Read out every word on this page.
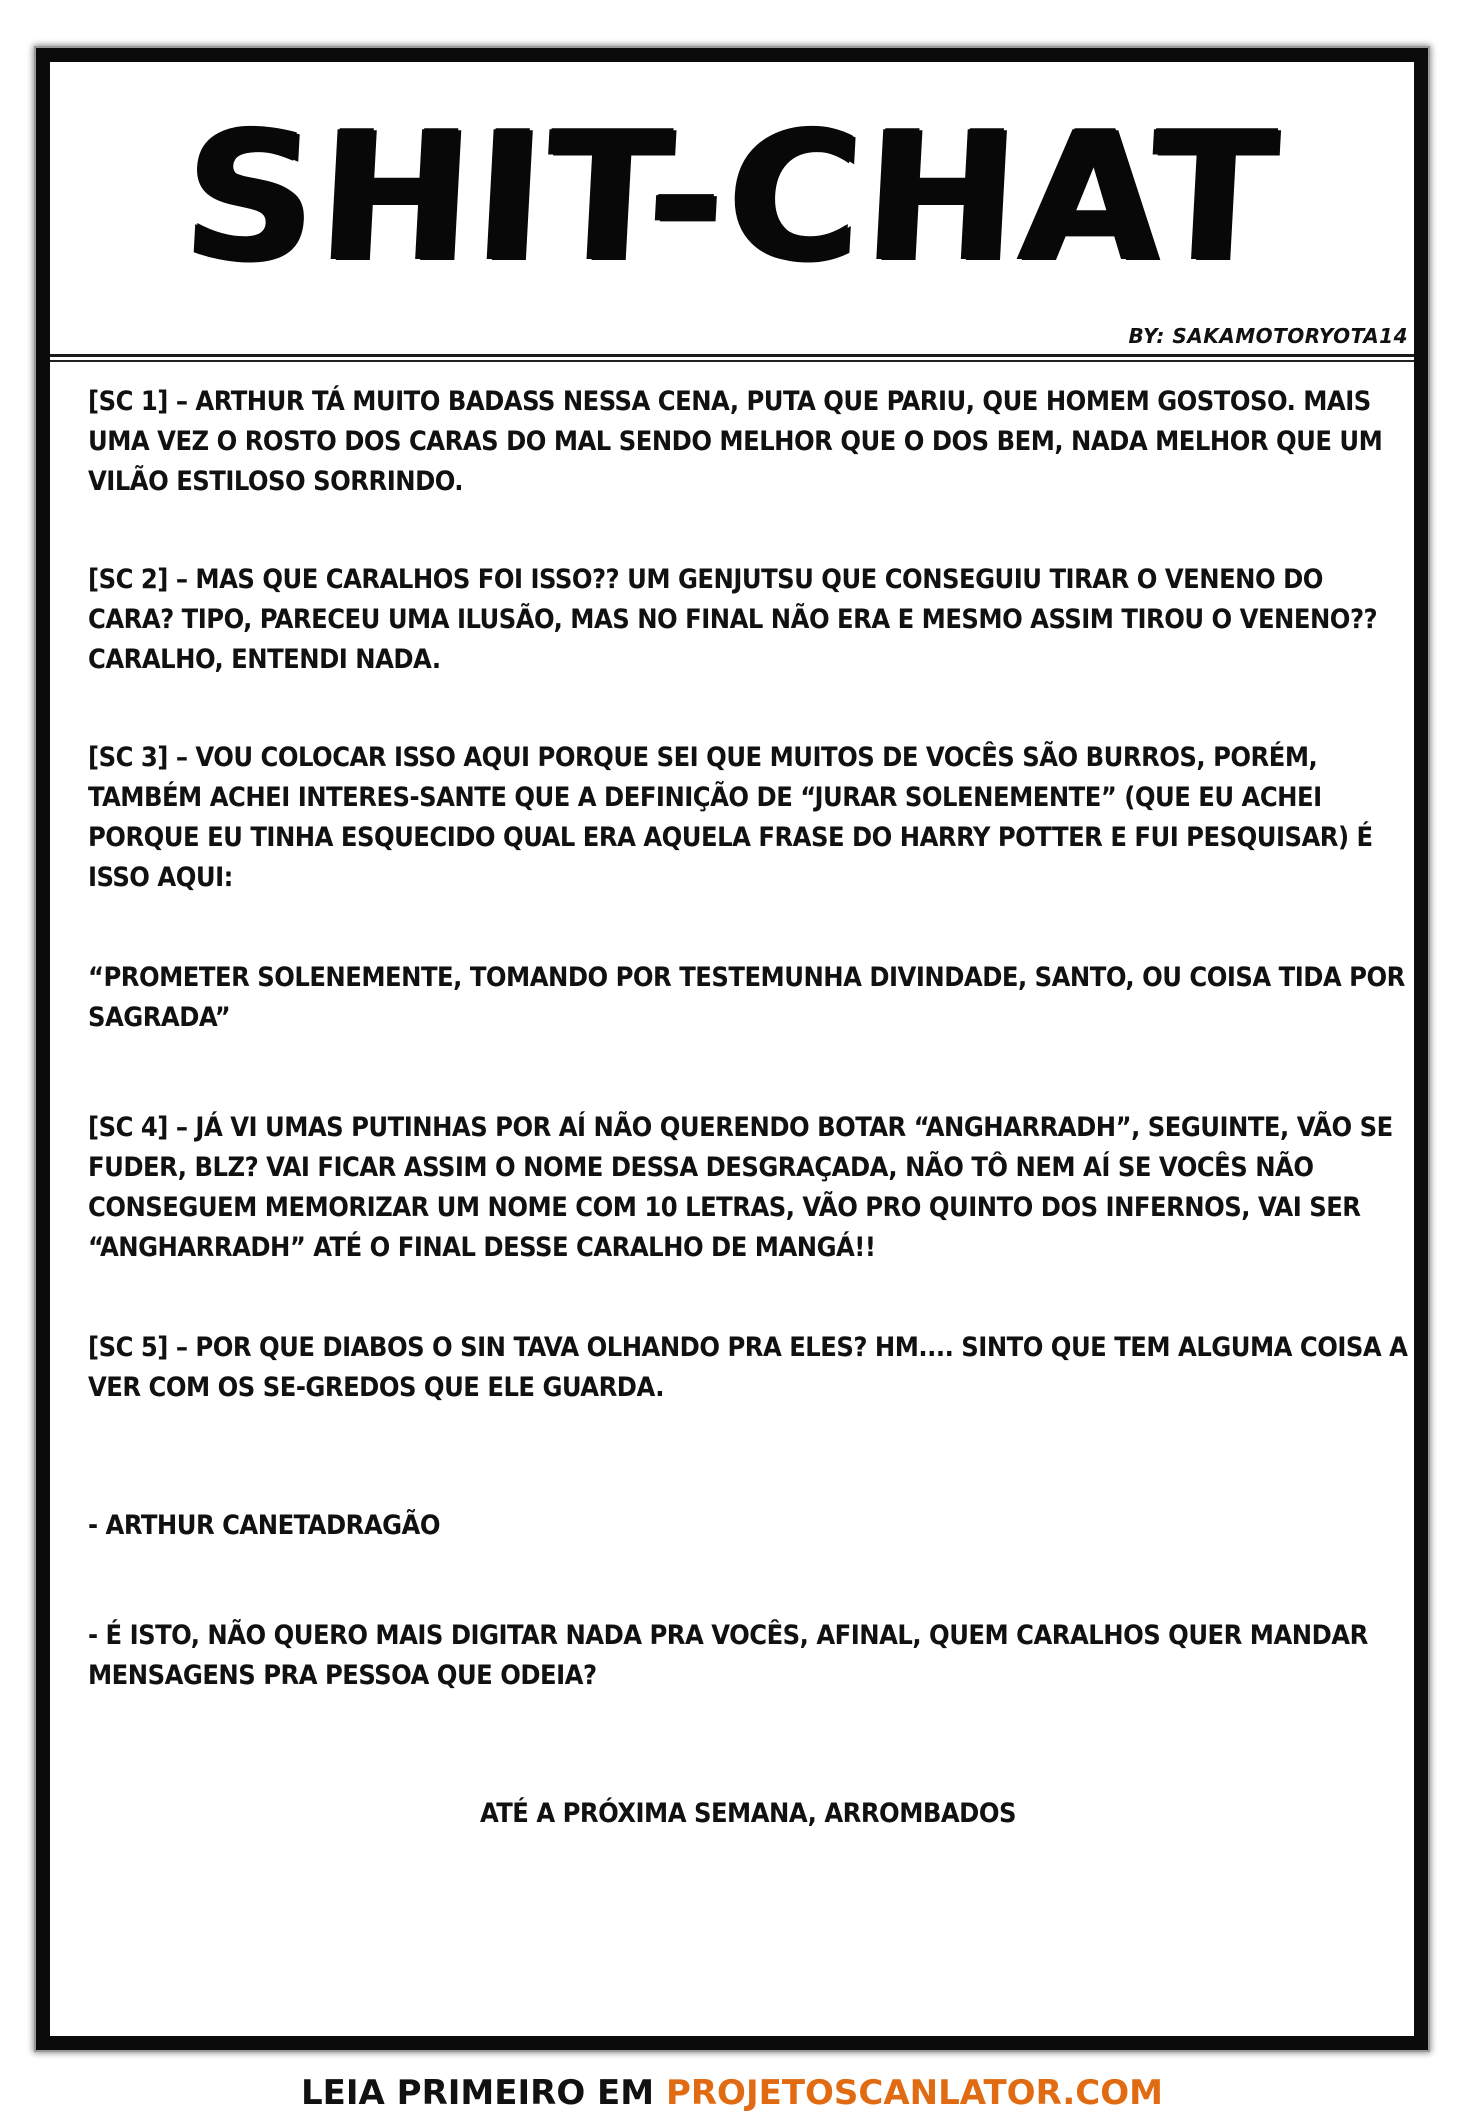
SHIT-CHAT
BY: SAKAMOTORYOTA14

[SC 1] – ARTHUR TÁ MUITO BADASS NESSA CENA, PUTA QUE PARIU, QUE HOMEM GOSTOSO. MAIS UMA VEZ O ROSTO DOS CARAS DO MAL SENDO MELHOR QUE O DOS BEM, NADA MELHOR QUE UM VILÃO ESTILOSO SORRINDO.

[SC 2] – MAS QUE CARALHOS FOI ISSO?? UM GENJUTSU QUE CONSEGUIU TIRAR O VENENO DO CARA? TIPO, PARECEU UMA ILUSÃO, MAS NO FINAL NÃO ERA E MESMO ASSIM TIROU O VENENO?? CARALHO, ENTENDI NADA.

[SC 3] – VOU COLOCAR ISSO AQUI PORQUE SEI QUE MUITOS DE VOCÊS SÃO BURROS, PORÉM, TAMBÉM ACHEI INTERES-SANTE QUE A DEFINIÇÃO DE “JURAR SOLENEMENTE” (QUE EU ACHEI PORQUE EU TINHA ESQUECIDO QUAL ERA AQUELA FRASE DO HARRY POTTER E FUI PESQUISAR) É ISSO AQUI:

“PROMETER SOLENEMENTE, TOMANDO POR TESTEMUNHA DIVINDADE, SANTO, OU COISA TIDA POR SAGRADA”

[SC 4] – JÁ VI UMAS PUTINHAS POR AÍ NÃO QUERENDO BOTAR “ANGHARRADH”, SEGUINTE, VÃO SE FUDER, BLZ? VAI FICAR ASSIM O NOME DESSA DESGRAÇADA, NÃO TÔ NEM AÍ SE VOCÊS NÃO CONSEGUEM MEMORIZAR UM NOME COM 10 LETRAS, VÃO PRO QUINTO DOS INFERNOS, VAI SER “ANGHARRADH” ATÉ O FINAL DESSE CARALHO DE MANGÁ!!

[SC 5] – POR QUE DIABOS O SIN TAVA OLHANDO PRA ELES? HM.... SINTO QUE TEM ALGUMA COISA A VER COM OS SE-GREDOS QUE ELE GUARDA.

- ARTHUR CANETADRAGÃO

- É ISTO, NÃO QUERO MAIS DIGITAR NADA PRA VOCÊS, AFINAL, QUEM CARALHOS QUER MANDAR MENSAGENS PRA PESSOA QUE ODEIA?

ATÉ A PRÓXIMA SEMANA, ARROMBADOS

LEIA PRIMEIRO EM PROJETOSCANLATOR.COM
